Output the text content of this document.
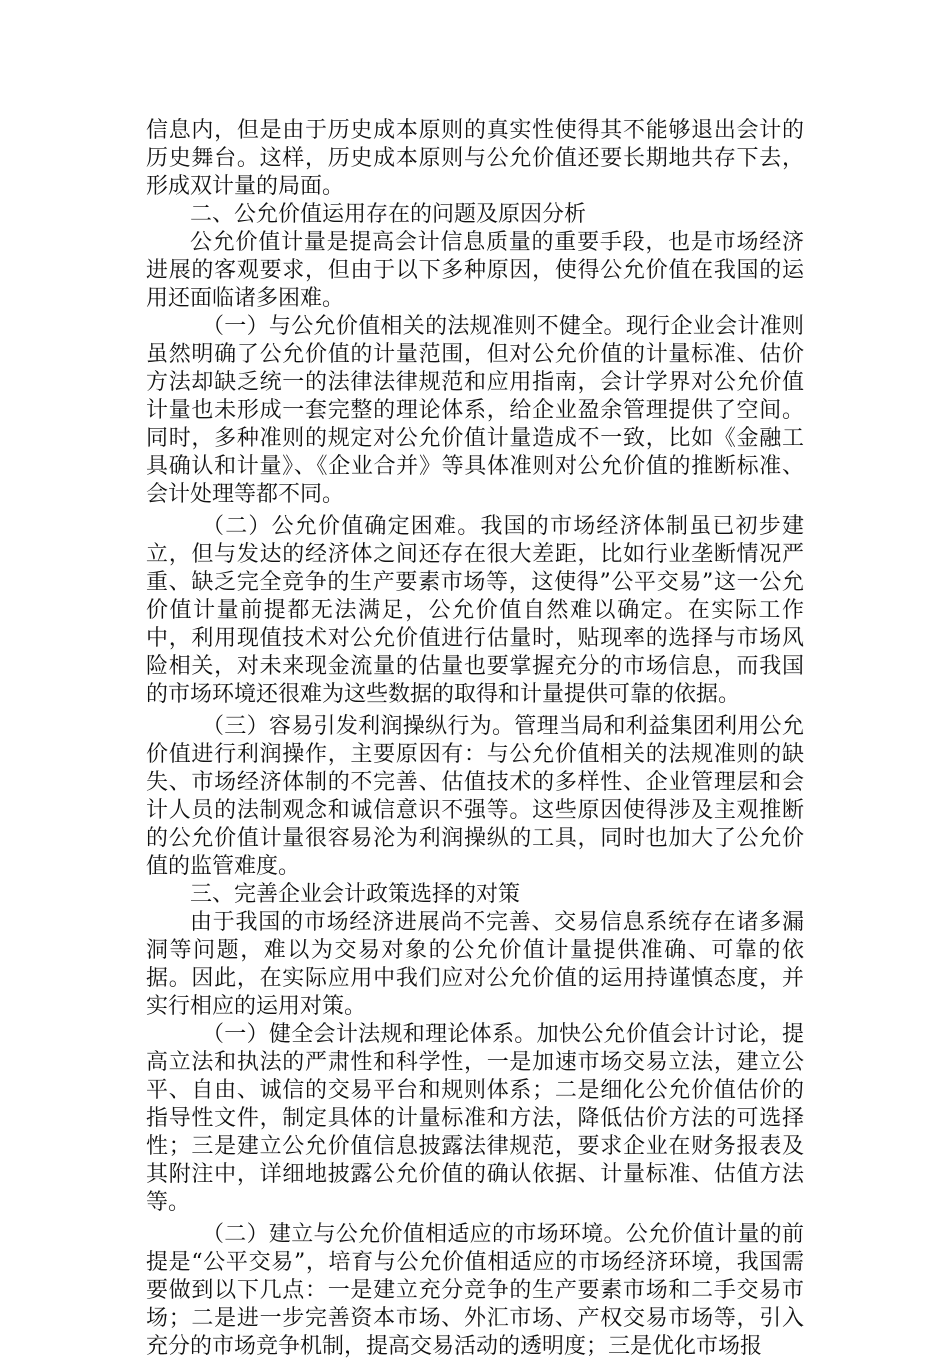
信息内，但是由于历史成本原则的真实性使得其不能够退出会计的历史舞台。这样，历史成本原则与公允价值还要长期地共存下去，形成双计量的局面。

二、公允价值运用存在的问题及原因分析

公允价值计量是提高会计信息质量的重要手段，也是市场经济进展的客观要求，但由于以下多种原因，使得公允价值在我国的运用还面临诸多困难。

（一）与公允价值相关的法规准则不健全。现行企业会计准则虽然明确了公允价值的计量范围，但对公允价值的计量标准、估价方法却缺乏统一的法律法律规范和应用指南，会计学界对公允价值计量也未形成一套完整的理论体系，给企业盈余管理提供了空间。同时，多种准则的规定对公允价值计量造成不一致，比如《金融工具确认和计量》、《企业合并》等具体准则对公允价值的推断标准、会计处理等都不同。

（二）公允价值确定困难。我国的市场经济体制虽已初步建立，但与发达的经济体之间还存在很大差距，比如行业垄断情况严重、缺乏完全竞争的生产要素市场等，这使得”公平交易”这一公允价值计量前提都无法满足，公允价值自然难以确定。在实际工作中，利用现值技术对公允价值进行估量时，贴现率的选择与市场风险相关，对未来现金流量的估量也要掌握充分的市场信息，而我国的市场环境还很难为这些数据的取得和计量提供可靠的依据。

（三）容易引发利润操纵行为。管理当局和利益集团利用公允价值进行利润操作，主要原因有：与公允价值相关的法规准则的缺失、市场经济体制的不完善、估值技术的多样性、企业管理层和会计人员的法制观念和诚信意识不强等。这些原因使得涉及主观推断的公允价值计量很容易沦为利润操纵的工具，同时也加大了公允价值的监管难度。

三、完善企业会计政策选择的对策

由于我国的市场经济进展尚不完善、交易信息系统存在诸多漏洞等问题，难以为交易对象的公允价值计量提供准确、可靠的依据。因此，在实际应用中我们应对公允价值的运用持谨慎态度，并实行相应的运用对策。

（一）健全会计法规和理论体系。加快公允价值会计讨论，提高立法和执法的严肃性和科学性，一是加速市场交易立法，建立公平、自由、诚信的交易平台和规则体系；二是细化公允价值估价的指导性文件，制定具体的计量标准和方法，降低估价方法的可选择性；三是建立公允价值信息披露法律规范，要求企业在财务报表及其附注中，详细地披露公允价值的确认依据、计量标准、估值方法等。

（二）建立与公允价值相适应的市场环境。公允价值计量的前提是“公平交易”，培育与公允价值相适应的市场经济环境，我国需要做到以下几点：一是建立充分竞争的生产要素市场和二手交易市场；二是进一步完善资本市场、外汇市场、产权交易市场等，引入充分的市场竞争机制，提高交易活动的透明度；三是优化市场报
